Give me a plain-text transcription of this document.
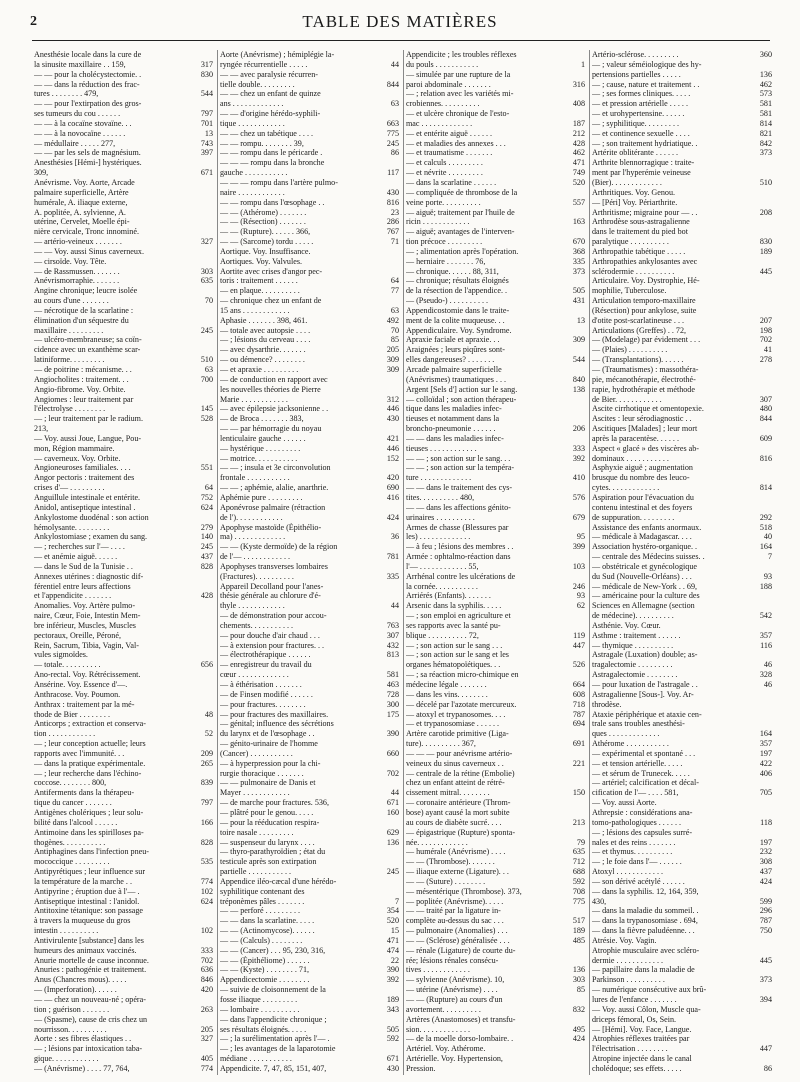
2	TABLE DES MATIÈRES
Anesthésie locale dans la cure de
la sinusite maxillaire . . 159,	317
— — pour la cholécystectomie. .	830
— — dans la réduction des frac-
tures . . . . . . . . 479,	544
— — pour l'extirpation des gros-
ses tumeurs du cou . . . . . .	797
— — à la cocaïne stovaïne. . .	701
— — à la novocaïne . . . . . .	13
— médullaire . . . . . 277,	743
— — par les sels de magnésium.	397
Anesthésies [Hémi-] hystériques.
309,	671
Anévrisme. Voy. Aorte, Arcade
palmaire superficielle, Artère
humérale, A. iliaque externe,
A. poplitée, A. sylvienne, A.
utérine, Cervelet, Moelle épi-
nière cervicale, Tronc innominé.
— artério-veineux . . . . . . .	327
— — Voy. aussi Sinus caverneux.
— cirsoïde. Voy. Tête.
— de Rassmussen. . . . . . .	303
Anévrismorraphie. . . . . . .	635
Angine chronique; leucre isolée
au cours d'une . . . . . . .	70
— nécrotique de la scarlatine :
élimination d'un séquestre du
maxillaire . . . . . . . . .	245
— ulcéro-membraneuse; sa coïn-
cidence avec un exanthème scar-
latiniforme. . . . . . . . .	510
— de poitrine : mécanisme. . .	63
Angiocholites : traitement. . .	700
Angio-fibrome. Voy. Orbite.
Angiomes : leur traitement par
l'électrolyse . . . . . . . .	145
— ; leur traitement par le radium.	528
213,
— Voy. aussi Joue, Langue, Pou-
mon, Région mammaire.
— caverneux. Voy. Orbite.
Angioneuroses familiales. . . .	551
Angor pectoris : traitement des
crises d'— . . . . . . . . .	64
Anguillule intestinale et entérite.	752
Anidol, antiseptique intestinal .	624
Ankylostome duodénal : son action
hémolysante. . . . . . . . .	279
Ankylostomiase ; examen du sang.	140
— ; recherches sur l'— . . . .	245
— et anémie aiguë. . . . . .	437
— dans le Sud de la Tunisie . .	828
Annexes utérines : diagnostic dif-
férentiel entre leurs affections
et l'appendicite . . . . . . .	428
Anomalies. Voy. Artère pulmo-
naire, Cœur, Foie, Intestin Mem-
bre inférieur, Muscles, Muscles
pectoraux, Oreille, Péroné,
Rein, Sacrum, Tibia, Vagin, Val-
vules sigmoïdes.
— totale. . . . . . . . . .	656
Ano-rectal. Voy. Rétrécissement.
Ansérine. Voy. Essence d'—.
Anthracose. Voy. Poumon.
Anthrax : traitement par la mé-
thode de Bier . . . . . . . .	48
Anticorps ; extraction et conserva-
tion . . . . . . . . . . . .	52
— ; leur conception actuelle; leurs
rapports avec l'immunité. . .	209
— dans la pratique expérimentale.	265
— ; leur recherche dans l'échino-
coccose. . . . . . . . 800,	839
Antiferments dans la thérapeu-
tique du cancer . . . . . . .	797
Antigènes cholériques ; leur solu-
bilité dans l'alcool . . . . . .	166
Antimoine dans les spirilloses pa-
thogènes. . . . . . . . . . .	828
Antiphagines dans l'infection pneu-
mococcique . . . . . . . . .	535
Antipyrétiques ; leur influence sur
la température de la marche . .	774
Antipyrine ; éruption due à l'— .	102
Antiseptique intestinal : l'anidol.	624
Antitoxine tétanique: son passage
à travers la muqueuse du gros
intestin . . . . . . . . . .	102
Antivirulente [substance] dans les
humeurs des animaux vaccinés.	333
Anurie mortelle de cause inconnue.	702
Anuries : pathogénie et traitement.	636
Anus (Chancres mous). . . . .	846
— (Imperforation). . . . . .	420
— — chez un nouveau-né ; opéra-
tion ; guérison . . . . . . .	263
— (Spasme), cause de cris chez un
nourrisson. . . . . . . . . .	205
Aorte : ses fibres élastiques . .	327
— ; lésions par intoxication taba-
gique. . . . . . . . . . . .	405
— (Anévrisme) . . . . 77, 764,	774
Aorte (Anévrisme) ; hémiplégie la-
ryngée récurrentielle . . . . .	44
— — avec paralysie récurren-
tielle double. . . . . . . . .	844
— — chez un enfant de quinze
ans . . . . . . . . . . . . .	63
— — d'origine hérédo-syphili-
tique . . . . . . . . . . . .	663
— — chez un tabétique . . . .	775
— — rompu. . . . . . . . 39,	245
— — rompu dans le péricarde .	86
— — — rompu dans la bronche
gauche . . . . . . . . . . .	117
— — — rompu dans l'artère pulmo-
naire . . . . . . . . . . . .	430
— — rompu dans l'œsophage . .	816
— — (Athérome) . . . . . . .	23
— — (Résection) . . . . . . .	286
— — (Rupture). . . . . . 366,	767
— — (Sarcome) tordu . . . . .	71
Aortique. Voy. Insuffisance.
Aortiques. Voy. Valvules.
Aortite avec crises d'angor pec-
toris : traitement . . . . . .	64
— en plaque. . . . . . . . . .	77
— chronique chez un enfant de
15 ans . . . . . . . . . . . .	63
Aphasie . . . . . . . 398, 461.	492
— totale avec autopsie . . . .	70
— ; lésions du cerveau . . . .	85
— avec dysarthrie. . . . . . .	205
— ou démence? . . . . . . . .	309
— et apraxie . . . . . . . . .	309
— de conduction en rapport avec
les nouvelles théories de Pierre
Marie . . . . . . . . . . . .	312
— avec épilepsie jacksonienne . .	446
— de Broca . . . . . . . 383,	430
— — par hémorragie du noyau
lenticulaire gauche . . . . . .	421
— hystérique . . . . . . . . .	446
— motrice. . . . . . . . . . .	152
— — ; insula et 3e circonvolution
frontale . . . . . . . . . . .	420
— — ; aphémie, alalie, anarthrie.	690
Aphémie pure . . . . . . . . .	416
Aponévrose palmaire (rétraction
de l'). . . . . . . . . . . .	424
Apophyse mastoïde (Épithélio-
ma) . . . . . . . . . . . . .	36
— — (Kyste dermoïde) de la région
de l'— . . . . . . . . . . . .	781
Apophyses transverses lombaires
(Fractures). . . . . . . . . .	335
Appareil Decolland pour l'anes-
thésie générale au chlorure d'é-
thyle . . . . . . . . . . . .	44
— de démonstration pour accou-
chements. . . . . . . . . . .	763
— pour douche d'air chaud . . .	307
— à extension pour fractures. . .	432
— électrothérapique . . . . . .	813
— enregistreur du travail du
cœur . . . . . . . . . . . . .	581
— à éthérisation . . . . . . .	463
— de Finsen modifié . . . . . .	728
— pour fractures. . . . . . . .	300
— pour fractures des maxillaires.	175
— génital; influence des sécrétions
du larynx et de l'œsophage . .	390
— génito-urinaire de l'homme
(Cancer) . . . . . . . . . . .	660
— à hyperpression pour la chi-
rurgie thoracique . . . . . . .	702
— — pulmonaire de Danis et
Mayer . . . . . . . . . . . .	44
— de marche pour fractures. 536,	671
— plâtré pour le genou. . . . .	160
— pour la rééducation respira-
toire nasale . . . . . . . . .	629
— suspenseur du larynx . . . .	136
— thyro-parathyroïdien ; état du
testicule après son extirpation
partielle . . . . . . . . . . .	245
Appendice iléo-cæcal d'une hérédo-
syphilitique contenant des
tréponèmes pâles . . . . . . .	7
— — perforé . . . . . . . . .	354
— — dans la scarlatine. . . . .	520
— — (Actinomycose). . . . . .	15
— — (Calculs) . . . . . . . .	471
— — (Cancer) . . . 95, 230, 316,	474
— — (Épithéliome) . . . . . .	22
— — (Kyste) . . . . . . . . 71,	390
Appendicectomie . . . . . . . .	392
— suivie de cloisonnement de la
fosse iliaque . . . . . . . . .	189
— lombaire . . . . . . . . . .	343
— dans l'appendicite chronique ;
ses résultats éloignés. . . . .	505
— ; la surélimentation après l'— .	592
— ; les avantages de la laparotomie
médiane . . . . . . . . . . .	671
Appendicite. 7, 47, 85, 151, 407,	430
Appendicite ; les troubles réflexes
du pouls . . . . . . . . . . .	1
— simulée par une rupture de la
paroi abdominale . . . . . . .	316
— ; relation avec les variétés mi-
crobiennes. . . . . . . . . .	408
— et ulcère chronique de l'esto-
mac . . . . . . . . . . . . .	187
— et entérite aiguë . . . . . .	212
— et maladies des annexes . . .	428
— et traumatisme . . . . . . .	462
— et calculs . . . . . . . . .	471
— et névrite . . . . . . . . .	749
— dans la scarlatine . . . . . .	520
— compliquée de thrombose de la
veine porte. . . . . . . . . .	557
— aiguë; traitement par l'huile de
ricin . . . . . . . . . . . .	163
— aiguë; avantages de l'interven-
tion précoce . . . . . . . . .	670
— ; alimentation après l'opération.	368
— herniaire . . . . . . . 76,	335
— chronique. . . . . . 88, 311,	373
— chronique; résultats éloignés
de la résection de l'appendice. .	505
— (Pseudo-) . . . . . . . . . .	431
Appendicostomie dans le traite-
ment de la colite muqueuse. . .	13
Appendiculaire. Voy. Syndrome.
Apraxie faciale et apraxie. . .	309
Araignées ; leurs piqûres sont-
elles dangereuses? . . . . . . .	544
Arcade palmaire superficielle
(Anévrismes) traumatiques . . .	840
Argent [Sels d'] action sur le sang.	138
— colloïdal ; son action thérapeu-
tique dans les maladies infec-
tieuses et notamment dans la
broncho-pneumonie . . . . . .	206
— — dans les maladies infec-
tieuses . . . . . . . . . . . .	333
— — ; son action sur le sang. . .	392
— — ; son action sur la tempéra-
ture . . . . . . . . . . . . .	410
— — dans le traitement des cys-
tites. . . . . . . . . . 480,	576
— — dans les affections génito-
urinaires . . . . . . . . . .	679
Armes de chasse (Blessures par
les) . . . . . . . . . . . . .	95
— à feu ; lésions des membres . .	399
Armée : ophtalmo-réaction dans
l'— . . . . . . . . . . . . 55,	103
Arrhénal contre les ulcérations de
la cornée. . . . . . . . . . .	246
Arriérés (Enfants). . . . . . .	93
Arsenic dans la syphilis. . . . .	62
— ; son emploi en agriculture et
ses rapports avec la santé pu-
blique . . . . . . . . . . 72,	119
— ; son action sur le sang . . .	447
— ; son action sur le sang et les
organes hématopoïétiques. . .	526
— ; sa réaction micro-chimique en
médecine légale . . . . . . .	664
— dans les vins. . . . . . . .	608
— décelé par l'azotate mercureux.	718
— atoxyl et trypanosomes. . . .	787
— et trypanosomiase . . . . . .	694
Artère carotide primitive (Liga-
ture). . . . . . . . . . 367,	691
— — — pour anévrisme artério-
veineux du sinus caverneux . .	221
— centrale de la rétine (Embolie)
chez un enfant atteint de rétré-
cissement mitral. . . . . . . .	150
— coronaire antérieure (Throm-
bose) ayant causé la mort subite
au cours de diabète sucré. . . .	213
— épigastrique (Rupture) sponta-
née. . . . . . . . . . . . .	79
— humérale (Anévrisme) . . . .	635
— — (Thrombose). . . . . . .	712
— iliaque externe (Ligature). . .	688
— — (Suture) . . . . . . . .	592
— mésentérique (Thrombose). 373,	708
— poplitée (Anévrisme). . . . .	775
— — traité par la ligature in-
complète au-dessus du sac . . .	517
— pulmonaire (Anomalies) . . .	189
— — (Sclérose) généralisée . . .	485
— rénale (Ligature) de courte du-
rée; lésions rénales consécu-
tives . . . . . . . . . . . .	136
— sylvienne (Anévrisme). 10,	303
— utérine (Anévrisme) . . . .	85
— — (Rupture) au cours d'un
avortement. . . . . . . . . .	832
Artères (Anastomoses) et transfu-
sion. . . . . . . . . . . . .	495
— de la moelle dorso-lombaire. .	424
Artériel. Voy. Athérome.
Artérielle. Voy. Hypertension,
Pression.
Artério-sclérose. . . . . . . . .	360
— ; valeur séméiologique des hy-
pertensions partielles . . . . .	136
— ; cause, nature et traitement . .	462
— ; ses formes cliniques. . . . .	573
— et pression artérielle . . . . .	581
— et urohypertensine. . . . . .	581
— ; syphilitique. . . . . . . . .	814
— et continence sexuelle . . . .	821
— ; son traitement hydriatique. .	842
Artérite oblitérante . . . . . .	373
Arthrite blennorragique : traite-
ment par l'hyperémie veineuse
(Bier). . . . . . . . . . . . .	510
Arthritiques. Voy. Genou.
— [Péri] Voy. Périarthrite.
Arthritisme; migraine pour — . .	208
Arthrodèse sous-astragalienne
dans le traitement du pied bot
paralytique . . . . . . . . . .	830
Arthropathie tabétique . . . . .	189
Arthropathies ankylosantes avec
sclérodermie . . . . . . . . . .	445
Articulaire. Voy. Dystrophie, Hé-
mophilie, Tuberculose.
Articulation temporo-maxillaire
(Résection) pour ankylose, suite
d'otite post-scarlatineuse . . .	207
Articulations (Greffes) . . 72,	198
— (Modelage) par évidement . . .	702
— (Plaies) . . . . . . . . . .	41
— (Transplantations). . . . . .	278
— (Traumatismes) : massothéra-
pie, mécanothérapie, électrothé-
rapie, hydrothérapie et méthode
de Bier. . . . . . . . . . . .	307
Ascite cirrhotique et omentopexie.	480
Ascites : leur sérodiagnostic . .	844
Ascitiques [Malades] ; leur mort
après la paracentèse. . . . . .	609
Aspect « glacé » des viscères ab-
dominaux . . . . . . . . . . .	816
Asphyxie aiguë ; augmentation
brusque du nombre des leuco-
cytes. . . . . . . . . . . . .	814
Aspiration pour l'évacuation du
contenu intestinal et des foyers
de suppuration. . . . . . . . .	292
Assistance des enfants anormaux.	518
— médicale à Madagascar. . . .	40
Association hystéro-organique. .	164
— centrale des Médecins suisses. .	7
— obstétricale et gynécologique
du Sud (Nouvelle-Orléans) . . .	93
— médicale de New-York . . 69,	188
— américaine pour la culture des
Sciences en Allemagne (section
de médecine). . . . . . . . . .	542
Asthénie. Voy. Cœur.
Asthme : traitement . . . . . .	357
— thymique . . . . . . . . . .	116
Astragale (Luxation) double; as-
tragalectomie . . . . . . . . .	46
Astragalectomie . . . . . . . .	328
— pour luxation de l'astragale . .	46
Astragalienne [Sous-]. Voy. Ar-
throdèse.
Ataxie périphérique et ataxie cen-
trale sans troubles anesthési-
ques . . . . . . . . . . . . .	164
Athérome . . . . . . . . . . .	357
— expérimental et spontané . . .	197
— et tension artérielle. . . . .	422
— et sérum de Trunecek. . . . .	406
— artériel; calcification et décal-
cification de l'— . . . . 581,	705
— Voy. aussi Aorte.
Athrepsie : considérations ana-
tomo-pathologiques . . . . . .	118
— ; lésions des capsules surré-
nales et des reins . . . . . . .	197
— et thymus. . . . . . . . . .	232
— ; le foie dans l'— . . . . . .	308
Atoxyl . . . . . . . . . . . .	437
— son dérivé acétylé . . . . . .	424
— dans la syphilis. 12, 164, 359,
430,	599
— dans la maladie du sommeil. .	296
— dans la trypanosomiase . 694,	787
— dans la fièvre paludéenne. . .	750
Atrésie. Voy. Vagin.
Atrophie musculaire avec scléro-
dermie . . . . . . . . . . . .	445
— papillaire dans la maladie de
Parkinson . . . . . . . . . .	373
— numérique consécutive aux brû-
lures de l'enfance . . . . . . .	394
— Voy. aussi Côlon, Muscle qua-
driceps fémoral, Os, Sein.
— [Hémi]. Voy. Face, Langue.
Atrophies réflexes traitées par
l'électrisation . . . . . . . .	447
Atropine injectée dans le canal
cholédoque; ses effets. . . . .	86
